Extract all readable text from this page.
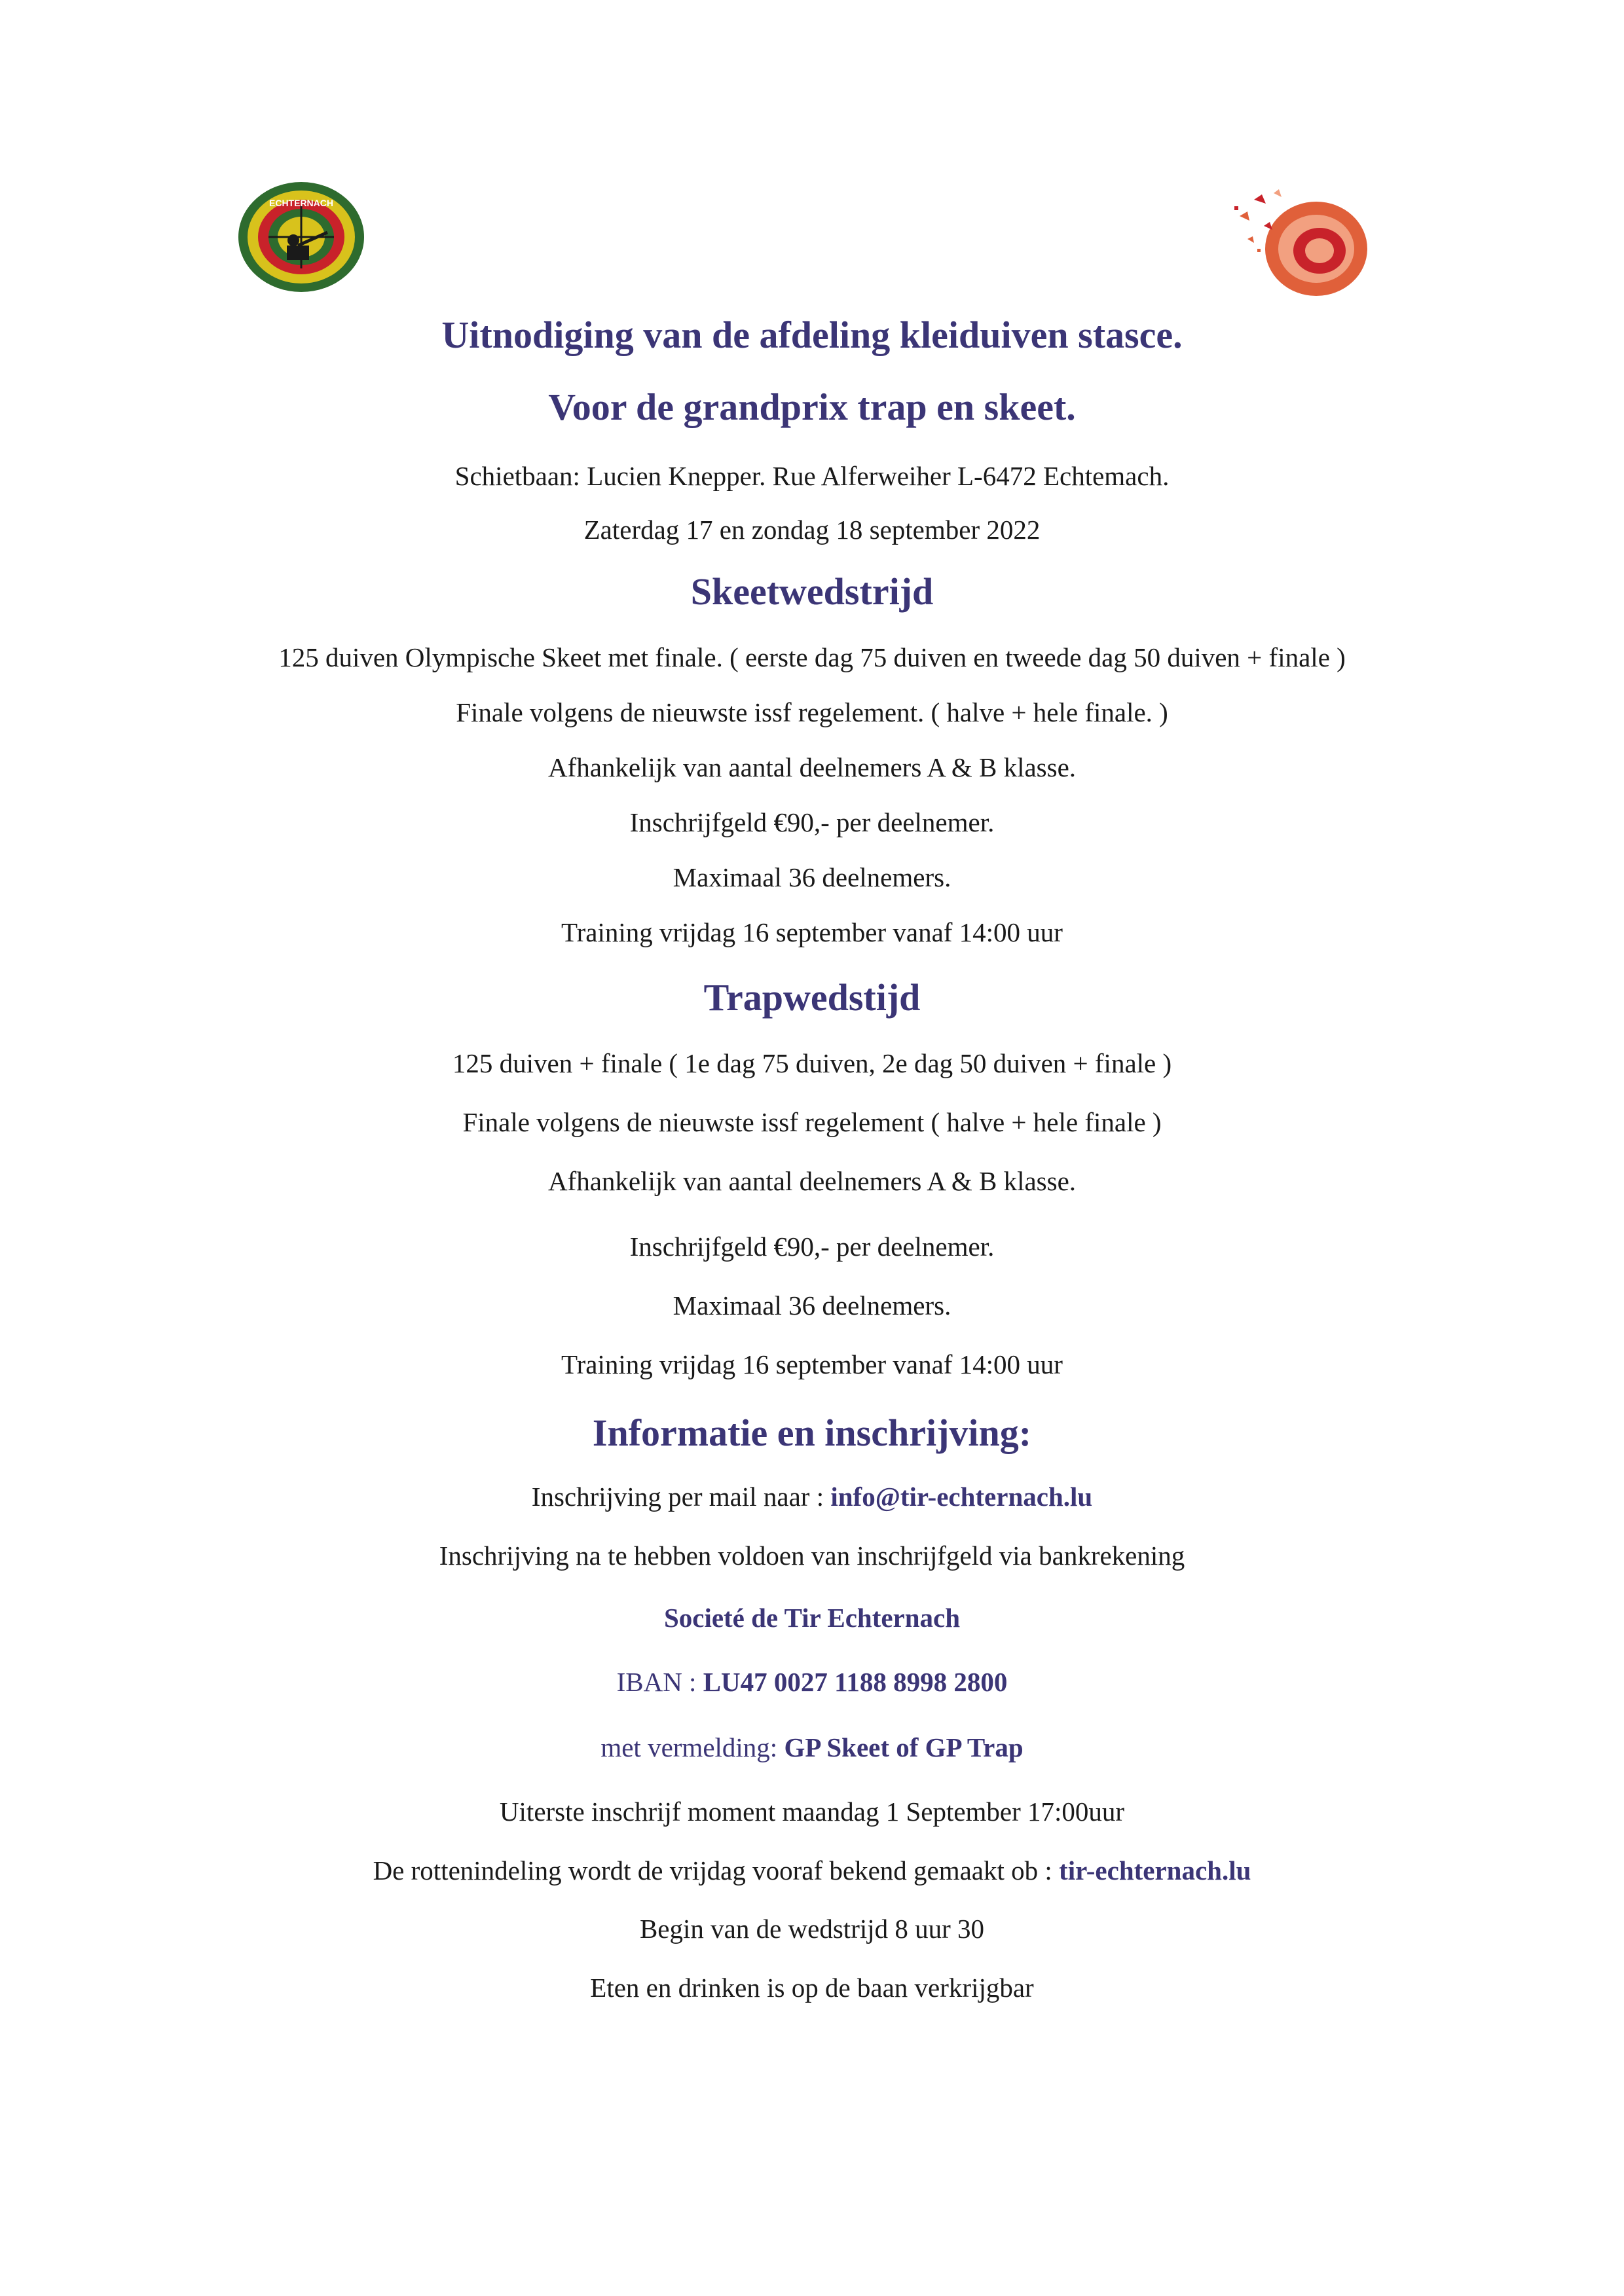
ECHTERNACH
Uitnodiging van de afdeling kleiduiven stasce.
Voor de grandprix trap en skeet.
Schietbaan: Lucien Knepper. Rue Alferweiher L-6472 Echtemach.
Zaterdag 17 en zondag 18 september 2022
Skeetwedstrijd
125 duiven Olympische Skeet met finale. ( eerste dag 75 duiven en tweede dag 50 duiven + finale )
Finale volgens de nieuwste issf regelement. ( halve + hele finale. )
Afhankelijk van aantal deelnemers A & B klasse.
Inschrijfgeld €90,- per deelnemer.
Maximaal 36 deelnemers.
Training vrijdag 16 september vanaf 14:00 uur
Trapwedstijd
125 duiven + finale ( 1e dag 75 duiven, 2e dag 50 duiven + finale )
Finale volgens de nieuwste issf regelement ( halve + hele finale )
Afhankelijk van aantal deelnemers A & B klasse.
Inschrijfgeld €90,- per deelnemer.
Maximaal 36 deelnemers.
Training vrijdag 16 september vanaf 14:00 uur
Informatie en inschrijving:
Inschrijving per mail naar : info@tir-echternach.lu
Inschrijving na te hebben voldoen van inschrijfgeld via bankrekening
Societé de Tir Echternach
IBAN : LU47 0027 1188 8998 2800
met vermelding: GP Skeet of GP Trap
Uiterste inschrijf moment maandag 1 September 17:00uur
De rottenindeling wordt de vrijdag vooraf bekend gemaakt ob : tir-echternach.lu
Begin van de wedstrijd 8 uur 30
Eten en drinken is op de baan verkrijgbar
